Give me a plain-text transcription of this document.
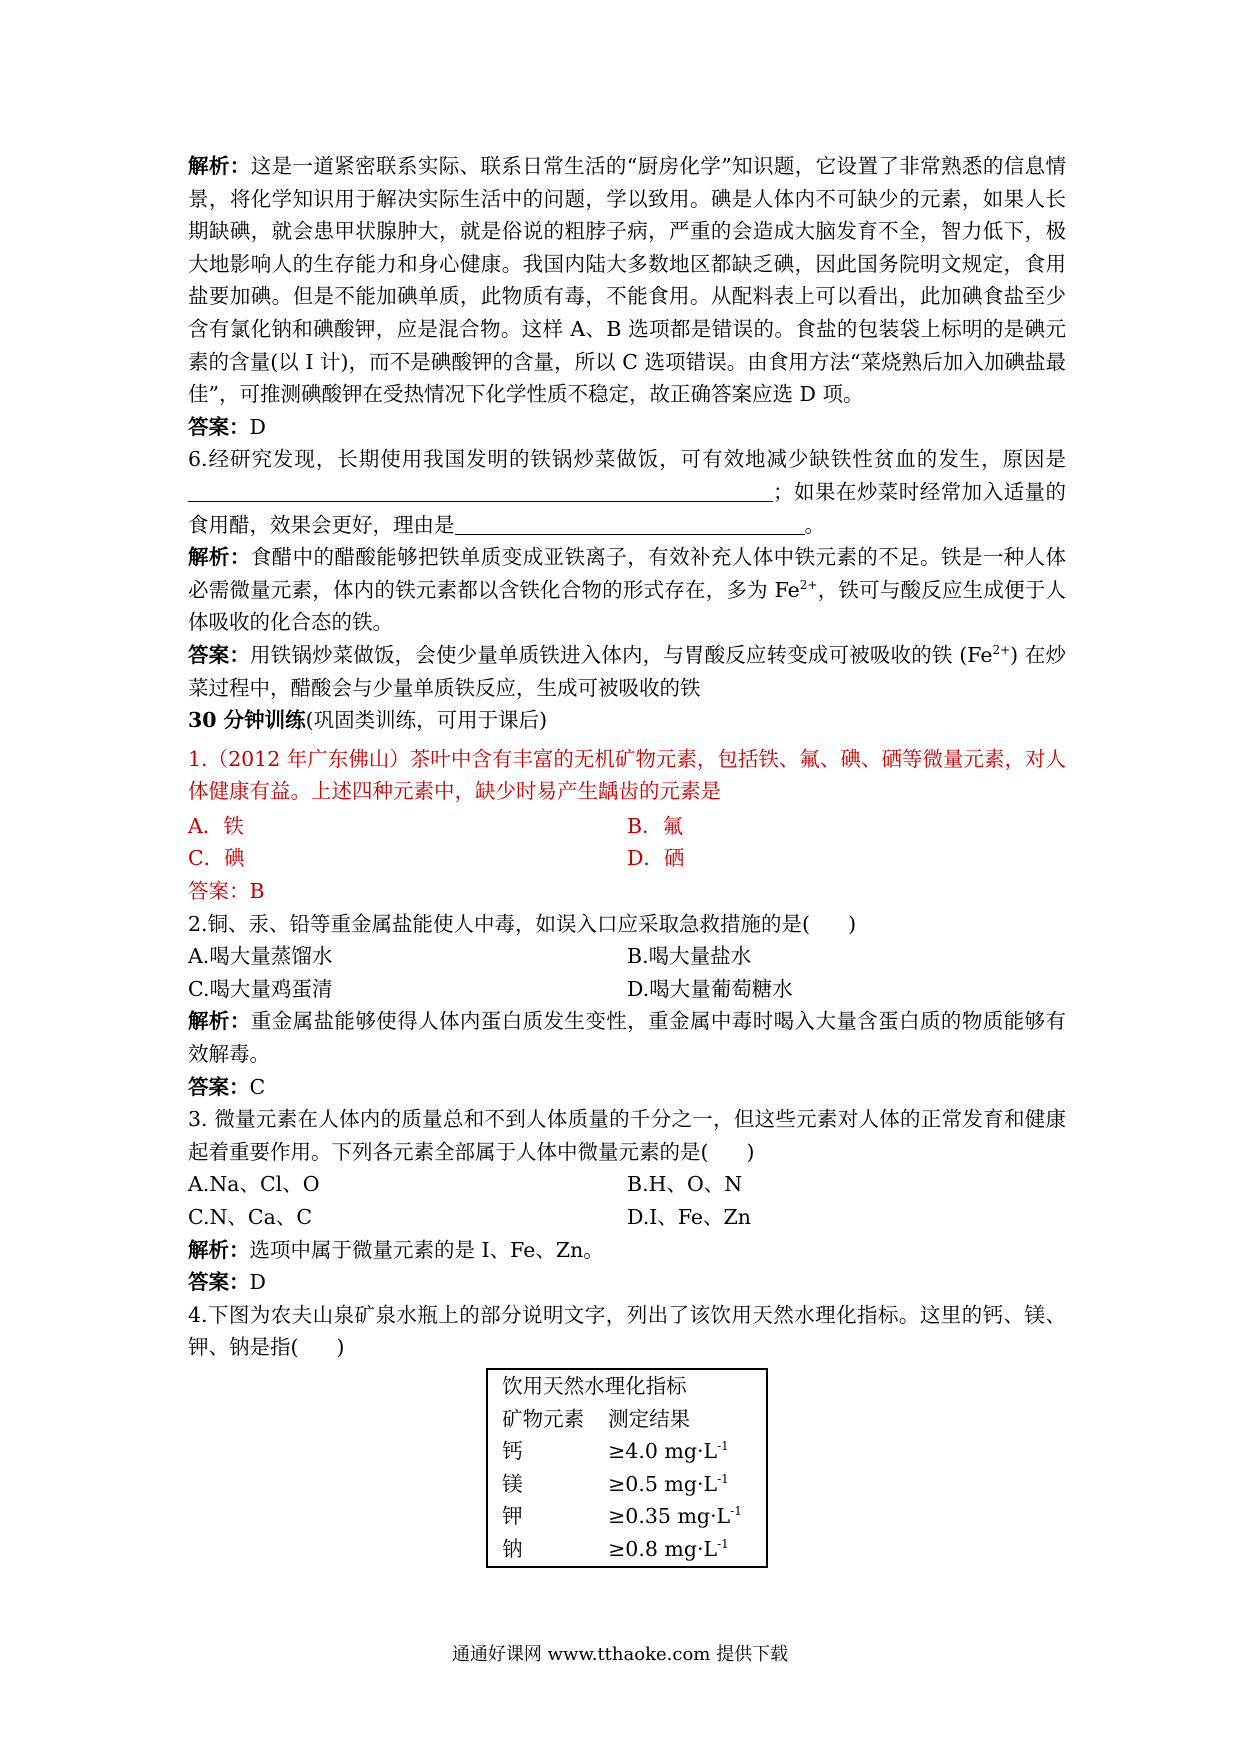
解析：这是一道紧密联系实际、联系日常生活的“厨房化学”知识题，它设置了非常熟悉的信息情景，将化学知识用于解决实际生活中的问题，学以致用。碘是人体内不可缺少的元素，如果人长期缺碘，就会患甲状腺肿大，就是俗说的粗脖子病，严重的会造成大脑发育不全，智力低下，极大地影响人的生存能力和身心健康。我国内陆大多数地区都缺乏碘，因此国务院明文规定，食用盐要加碘。但是不能加碘单质，此物质有毒，不能食用。从配料表上可以看出，此加碘食盐至少含有氯化钠和碘酸钾，应是混合物。这样 A、B 选项都是错误的。食盐的包装袋上标明的是碘元素的含量(以 I 计)，而不是碘酸钾的含量，所以 C 选项错误。由食用方法“菜烧熟后加入加碘盐最佳”，可推测碘酸钾在受热情况下化学性质不稳定，故正确答案应选 D 项。

答案：D

6.经研究发现，长期使用我国发明的铁锅炒菜做饭，可有效地减少缺铁性贫血的发生，原因是；如果在炒菜时经常加入适量的食用醋，效果会更好，理由是	。

解析：食醋中的醋酸能够把铁单质变成亚铁离子，有效补充人体中铁元素的不足。铁是一种人体必需微量元素，体内的铁元素都以含铁化合物的形式存在，多为 $Fe^{2+}$，铁可与酸反应生成便于人体吸收的化合态的铁。

答案：用铁锅炒菜做饭，会使少量单质铁进入体内，与胃酸反应转变成可被吸收的铁 $(Fe^{2+})$ 在炒菜过程中，醋酸会与少量单质铁反应，生成可被吸收的铁

30 分钟训练(巩固类训练，可用于课后)

1.（2012 年广东佛山）茶叶中含有丰富的无机矿物元素，包括铁、氟、碘、硒等微量元素，对人体健康有益。上述四种元素中，缺少时易产生龋齿的元素是

A．铁	B．氟
C．碘	D．硒

答案：B

2.铜、汞、铅等重金属盐能使人中毒，如误入口应采取急救措施的是( )

A.喝大量蒸馏水	B.喝大量盐水
C.喝大量鸡蛋清	D.喝大量葡萄糖水

解析：重金属盐能够使得人体内蛋白质发生变性，重金属中毒时喝入大量含蛋白质的物质能够有效解毒。

答案：C

3. 微量元素在人体内的质量总和不到人体质量的千分之一，但这些元素对人体的正常发育和健康起着重要作用。下列各元素全部属于人体中微量元素的是( )

A.Na、Cl、O	B.H、O、N
C.N、Ca、C	D.I、Fe、Zn

解析：选项中属于微量元素的是 I、Fe、Zn。

答案：D

4.下图为农夫山泉矿泉水瓶上的部分说明文字，列出了该饮用天然水理化指标。这里的钙、镁、钾、钠是指( )

饮用天然水理化指标	
矿物元素	测定结果
钙	≥4.0 $mg\cdot L^{-1}$
镁	≥0.5 $mg\cdot L^{-1}$
钾	≥0.35 $mg\cdot L^{-1}$
钠	≥0.8 $mg\cdot L^{-1}$
通通好课网 www.tthaoke.com 提供下载
